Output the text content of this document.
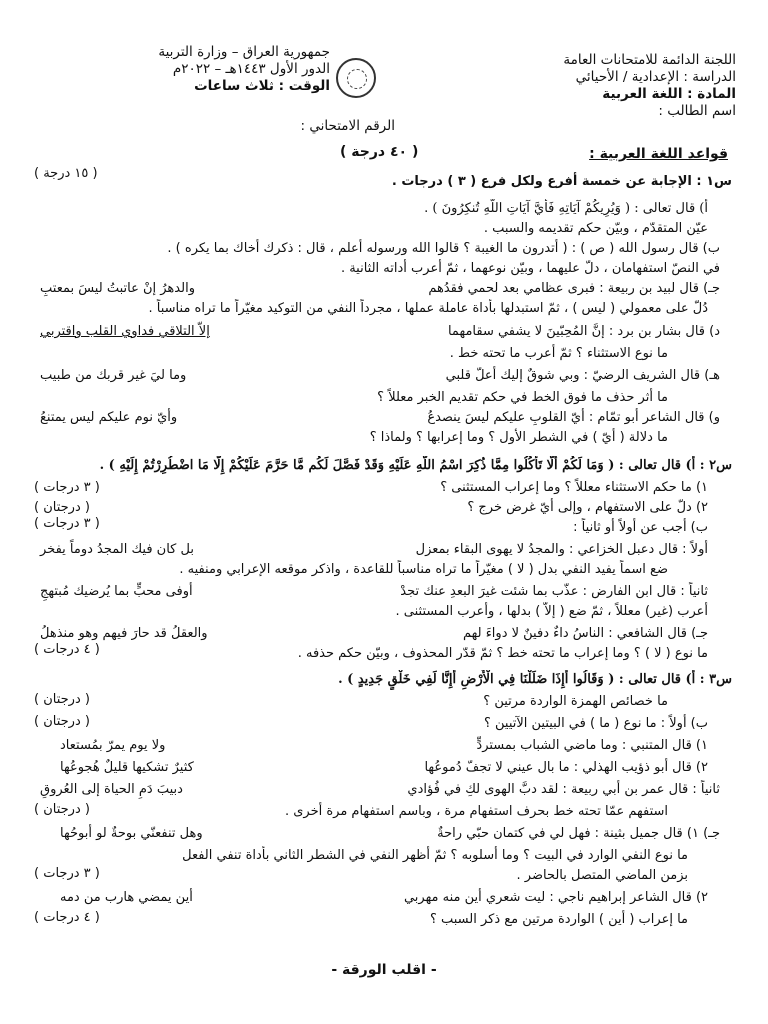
اللجنة الدائمة للامتحانات العامة
الدراسة : الإعدادية / الأحيائي
المادة : اللغة العربية
اسم الطالب :
جمهورية العراق – وزارة التربية
الدور الأول ١٤٤٣هـ – ٢٠٢٢م
الوقت : ثلاث ساعات
الرقم الامتحاني :
قواعد اللغة العربية :
( ٤٠ درجة )
س١ : الإجابة عن خمسة أفرع ولكل فرع ( ٣ ) درجات .
( ١٥ درجة )
أ) قال تعالى : ( وَيُرِيكُمْ آيَاتِهِ فَأَيَّ آيَاتِ اللَّهِ تُنكِرُونَ ) .
عيّن المتقدّم ، وبيّن حكم تقديمه والسبب .
ب) قال رسول الله ( ص ) : ( أتدرون ما الغيبة ؟ قالوا الله ورسوله أعلم ، قال : ذكرك أخاك بما يكره ) .
في النصّ استفهامان ، دلّ عليهما ، وبيّن نوعهما ، ثمّ أعرب أداته الثانية .
جـ) قال لبيد بن ربيعة : فبرى عظامي بعد لحمي فقدُهم
والدهرُ إنْ عاتبتُ ليسَ بمعتبِ
دُلّ على معمولي ( ليس ) ، ثمّ استبدلها بأداة عاملة عملها ، مجرداً النفي من التوكيد مغيّراً ما تراه مناسباً .
د) قال بشار بن برد : إنَّ المُحِبّينَ لا يشفي سقامهما
إلاّ التلاقي فداوي القلب واقتربي
ما نوع الاستثناء ؟ ثمّ أعرب ما تحته خط .
هـ) قال الشريف الرضيّ : وبي شوقٌ إليك أعلّ قلبي
وما ليَ غير قربك من طبيب
ما أثر حذف ما فوق الخط في حكم تقديم الخبر معللاً ؟
و) قال الشاعر أبو تمّام : أيّ القلوبِ عليكم ليسَ ينصدعُ
وأيّ نوم عليكم ليس يمتنعُ
ما دلالة ( أيّ ) في الشطر الأول ؟ وما إعرابها ؟ ولماذا ؟
س٢ : أ) قال تعالى : ( وَمَا لَكُمْ أَلَّا تَأْكُلُوا مِمَّا ذُكِرَ اسْمُ اللَّهِ عَلَيْهِ وَقَدْ فَصَّلَ لَكُم مَّا حَرَّمَ عَلَيْكُمْ إِلَّا مَا اضْطُرِرْتُمْ إِلَيْهِ ) .
١) ما حكم الاستثناء معللاً ؟ وما إعراب المستثنى ؟
( ٣ درجات )
٢) دلّ على الاستفهام ، وإلى أيّ غرض خرج ؟
( درجتان )
ب) أجب عن أولاً أو ثانياً :
( ٣ درجات )
أولاً : قال دعبل الخزاعي : والمجدُ لا يهوى البقاء بمعزل
بل كان فيك المجدُ دوماً يفخر
ضع اسماً يفيد النفي بدل ( لا ) مغيّراً ما تراه مناسباً للقاعدة ، واذكر موقعه الإعرابي ومنفيه .
ثانياً : قال ابن الفارض : عذّب بما شئت غيرَ البعدِ عنك تجدْ
أوفى محبٍّ بما يُرضيك مُبتهجِ
أعرب (غير) معللاً ، ثمّ ضع ( إلاّ ) بدلها ، وأعرب المستثنى .
جـ) قال الشافعي : الناسُ داءٌ دفينٌ لا دواءَ لهم
والعقلُ قد حارَ فيهم وهو منذهلُ
ما نوع ( لا ) ؟ وما إعراب ما تحته خط ؟ ثمّ قدّر المحذوف ، وبيّن حكم حذفه .
( ٤ درجات )
س٣ : أ) قال تعالى : ( وَقَالُوا أَإِذَا ضَلَلْنَا فِي الْأَرْضِ أَإِنَّا لَفِي خَلْقٍ جَدِيدٍ ) .
ما خصائص الهمزة الواردة مرتين ؟
( درجتان )
ب) أولاً : ما نوع ( ما ) في البيتين الآتيين ؟
( درجتان )
١) قال المتنبي : وما ماضي الشباب بمستردٍّ
ولا يوم يمرّ بمُستعاد
٢) قال أبو ذؤيب الهذلي : ما بال عيني لا تجفّ دُموعُها
كثيرٌ تشكيها قليلٌ هُجوعُها
ثانياً : قال عمر بن أبي ربيعة : لقد دبَّ الهوى لكِ في فُؤادي
دبيبَ دَمِ الحياة إلى العُروقِ
استفهم عمّا تحته خط بحرف استفهام مرة ، وباسم استفهام مرة أخرى .
( درجتان )
جـ) ١) قال جميل بثينة : فهل لي في كتمان حبّي راحةٌ
وهل تنفعنّي بوحةٌ لو أبوحُها
ما نوع النفي الوارد في البيت ؟ وما أسلوبه ؟ ثمّ أظهر النفي في الشطر الثاني بأداة تنفي الفعل
بزمن الماضي المتصل بالحاضر .
( ٣ درجات )
٢) قال الشاعر إبراهيم ناجي : ليت شعري أين منه مهربي
أين يمضي هارب من دمه
ما إعراب ( أين ) الواردة مرتين مع ذكر السبب ؟
( ٤ درجات )
- اقلب الورقة -
